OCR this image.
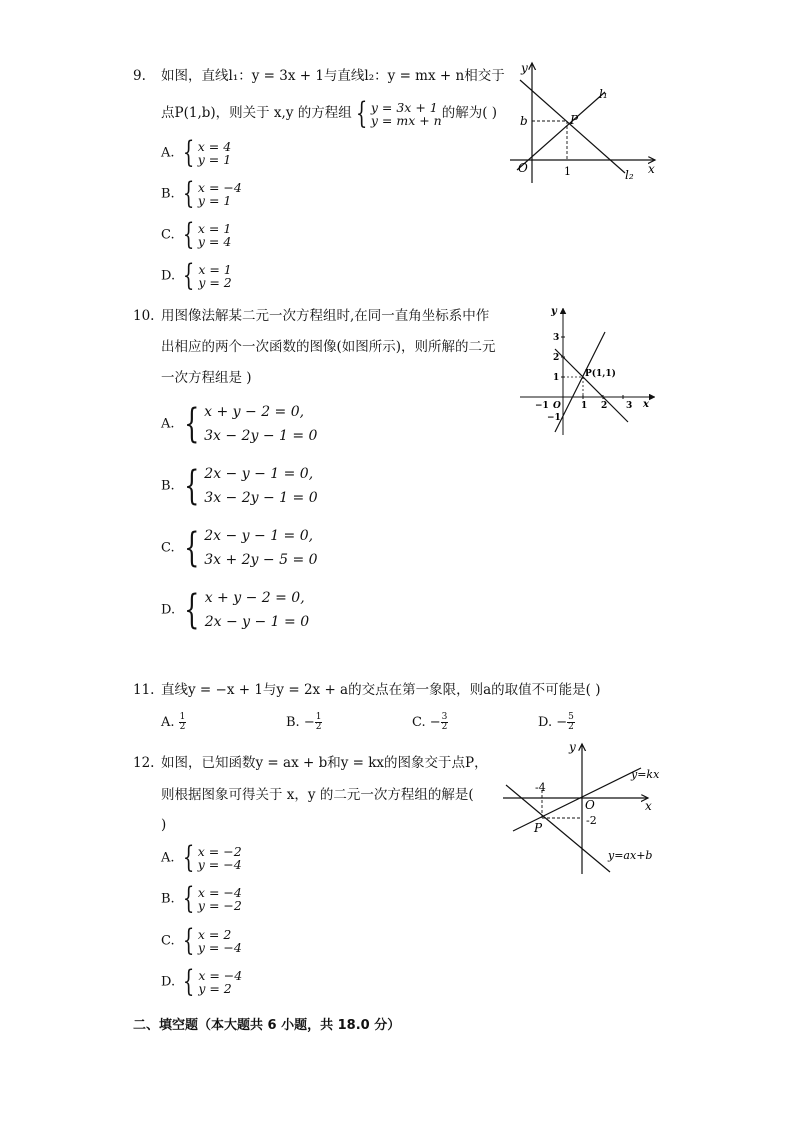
9. 如图，直线l₁：y = 3x + 1与直线l₂：y = mx + n相交于
点P(1,b)，则关于 x,y 的方程组 { y = 3x + 1
y = mx + n 的解为( )
A. { x = 4
y = 1
B. { x = −4
y = 1
C. { x = 1
y = 4
D. { x = 1
y = 2
y
x
O
b	P
1
l₁
l₂
10. 用图像法解某二元一次方程组时,在同一直角坐标系中作
出相应的两个一次函数的图像(如图所示)，则所解的二元
一次方程组是 )
A. { x + y − 2 = 0,
3x − 2y − 1 = 0
B. { 2x − y − 1 = 0,
3x − 2y − 1 = 0
C. { 2x − y − 1 = 0,
3x + 2y − 5 = 0
D. { x + y − 2 = 0,
2x − y − 1 = 0
y
x
O
P(1,1)
3
2
1
−1
1 2 3
−1
11. 直线y = −x + 1与y = 2x + a的交点在第一象限，则a的取值不可能是( )
A. $\frac{1}{2}$	B. − $\frac{1}{2}$	C. − $\frac{3}{2}$	D. − $\frac{5}{2}$
12. 如图，已知函数y = ax + b和y = kx的图象交于点P，
则根据图象可得关于 x，y 的二元一次方程组的解是(
)
A. { x = −2
y = −4
B. { x = −4
y = −2
C. { x = 2
y = −4
D. { x = −4
y = 2
y
x
O
P
-4
-2
y=kx
y=ax+b
二、填空题（本大题共 6 小题，共 18.0 分）
